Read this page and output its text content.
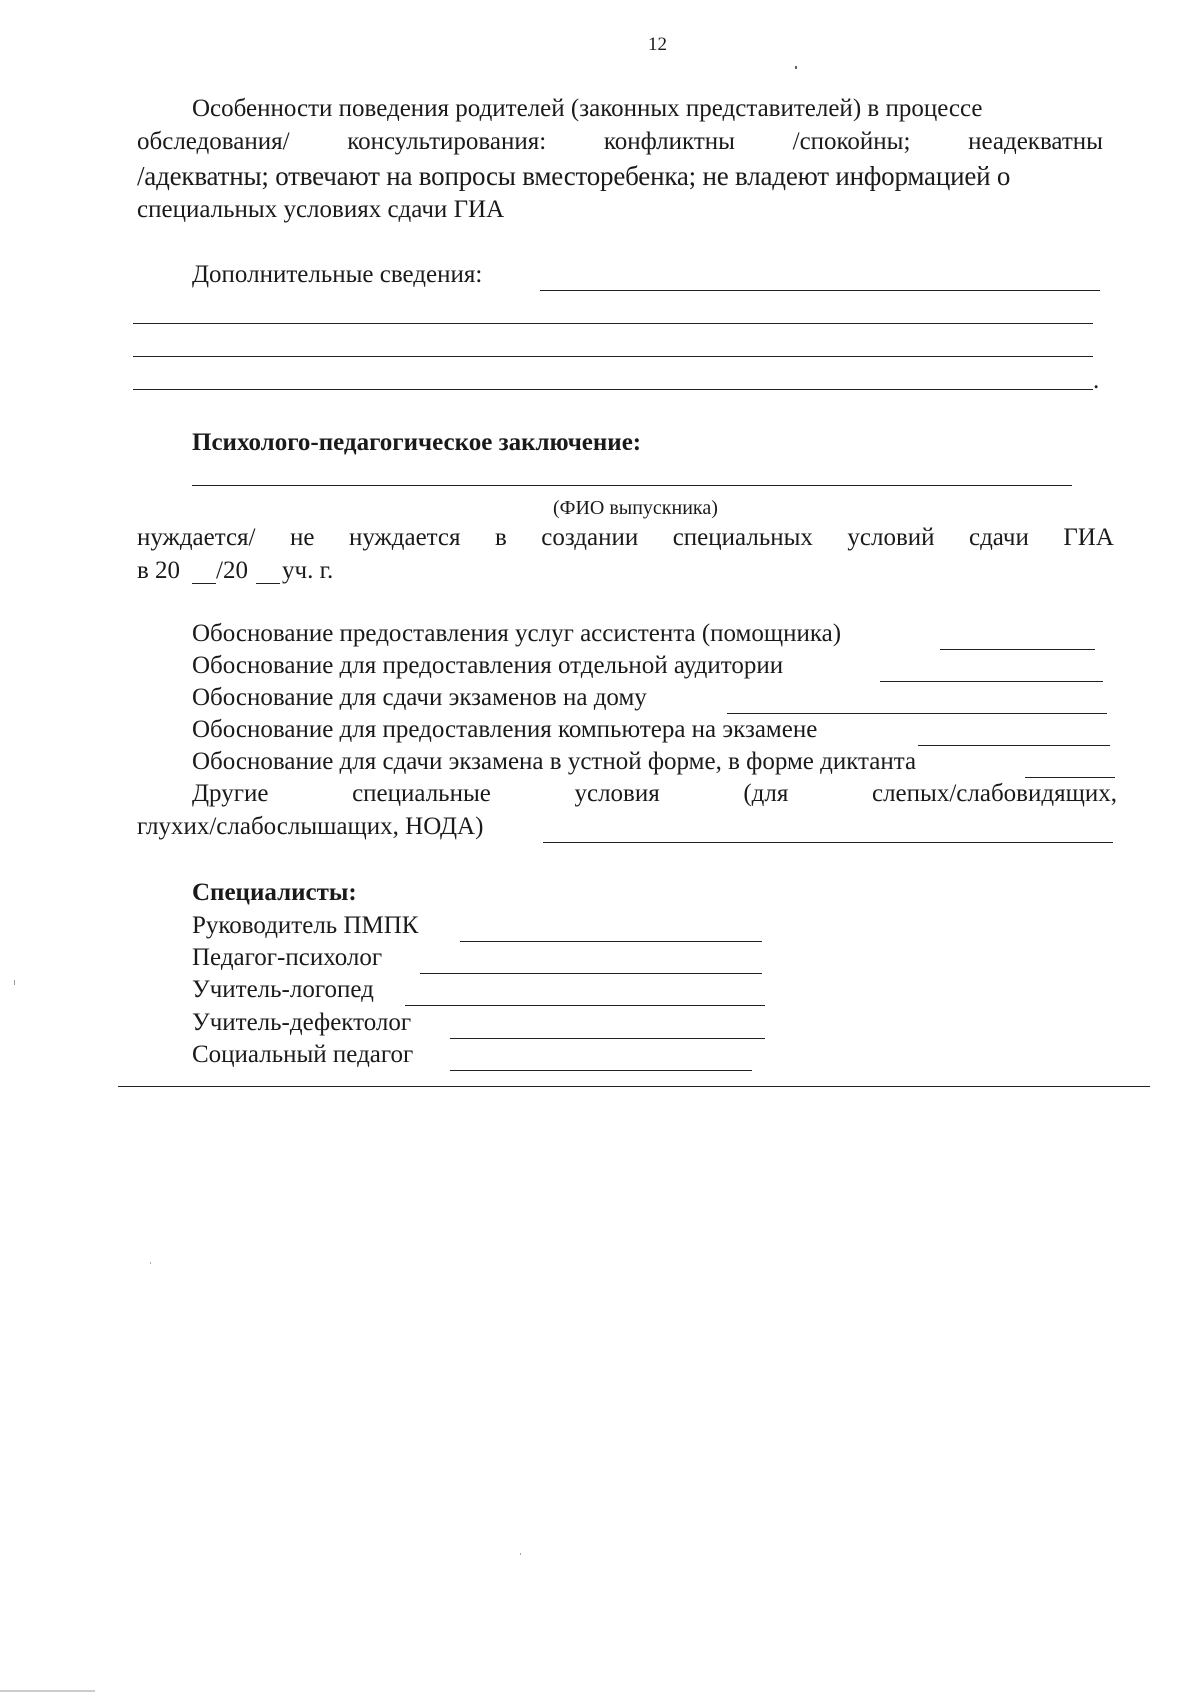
12
Особенности поведения родителей (законных представителей) в процессе
обследования/ консультирования: конфликтны /спокойны; неадекватны
/адекватны; отвечают на вопросы вместоребенка; не владеют информацией о
специальных условиях сдачи ГИА
Дополнительные сведения:
.
Психолого-педагогическое заключение:
(ФИО выпускника)
нуждается/ не нуждается в создании специальных условий сдачи ГИА
в 20 /20 уч. г.
Обоснование предоставления услуг ассистента (помощника)
Обоснование для предоставления отдельной аудитории
Обоснование для сдачи экзаменов на дому
Обоснование для предоставления компьютера на экзамене
Обоснование для сдачи экзамена в устной форме, в форме диктанта
Другие	специальные	условия	(для	слепых/слабовидящих,
глухих/слабослышащих, НОДА)
Специалисты:
Руководитель ПМПК
Педагог-психолог
Учитель-логопед
Учитель-дефектолог
Социальный педагог
